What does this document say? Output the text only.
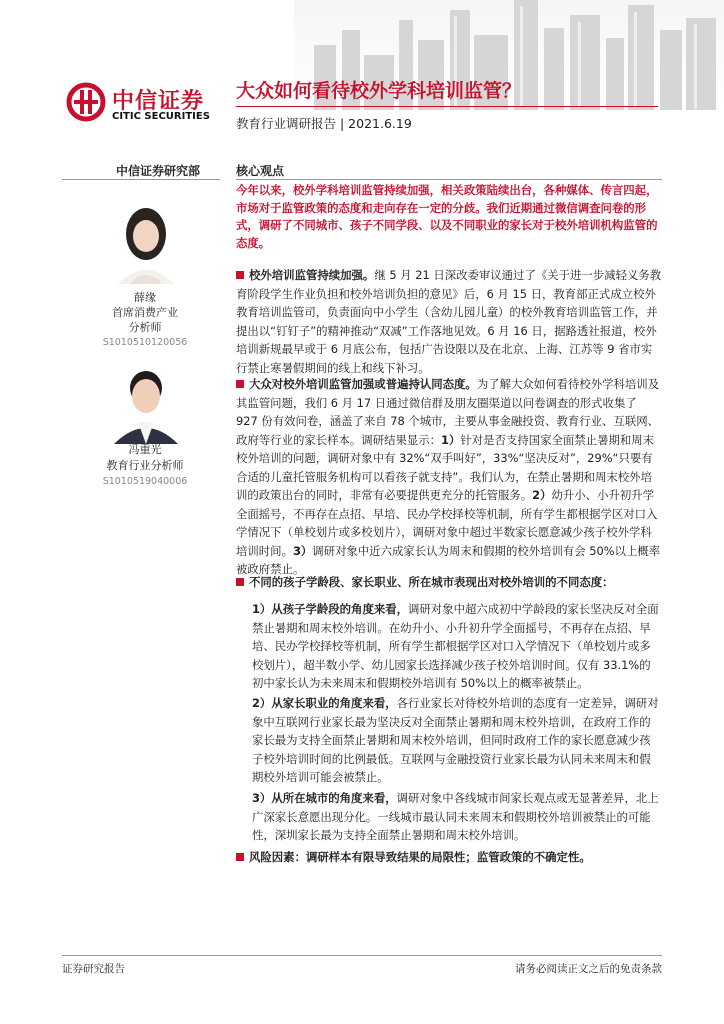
中信证券
CITIC SECURITIES
大众如何看待校外学科培训监管？
教育行业调研报告 | 2021.6.19
中信证券研究部	核心观点
薛缘
首席消费产业
分析师
S1010510120056
冯重光
教育行业分析师
S1010519040006

今年以来，校外学科培训监管持续加强，相关政策陆续出台，各种媒体、传言四起，市场对于监管政策的态度和走向存在一定的分歧。我们近期通过微信调查问卷的形式，调研了不同城市、孩子不同学段、以及不同职业的家长对于校外培训机构监管的态度。

校外培训监管持续加强。继 5 月 21 日深改委审议通过了《关于进一步减轻义务教育阶段学生作业负担和校外培训负担的意见》后，6 月 15 日，教育部正式成立校外教育培训监管司，负责面向中小学生（含幼儿园儿童）的校外教育培训监管工作，并提出以“钉钉子”的精神推动“双减”工作落地见效。6 月 16 日，据路透社报道，校外培训新规最早或于 6 月底公布，包括广告设限以及在北京、上海、江苏等 9 省市实行禁止寒暑假期间的线上和线下补习。

大众对校外培训监管加强或普遍持认同态度。为了解大众如何看待校外学科培训及其监管问题，我们 6 月 17 日通过微信群及朋友圈渠道以问卷调查的形式收集了 927 份有效问卷，涵盖了来自 78 个城市，主要从事金融投资、教育行业、互联网、政府等行业的家长样本。调研结果显示：1）针对是否支持国家全面禁止暑期和周末校外培训的问题，调研对象中有 32%“双手叫好”，33%“坚决反对”，29%“只要有合适的儿童托管服务机构可以看孩子就支持”。我们认为，在禁止暑期和周末校外培训的政策出台的同时，非常有必要提供更充分的托管服务。2）幼升小、小升初升学全面摇号，不再存在点招、早培、民办学校择校等机制，所有学生都根据学区对口入学情况下（单校划片或多校划片），调研对象中超过半数家长愿意减少孩子校外学科培训时间。3）调研对象中近六成家长认为周末和假期的校外培训有会 50%以上概率被政府禁止。

不同的孩子学龄段、家长职业、所在城市表现出对校外培训的不同态度：

1）从孩子学龄段的角度来看，调研对象中超六成初中学龄段的家长坚决反对全面禁止暑期和周末校外培训。在幼升小、小升初升学全面摇号，不再存在点招、早培、民办学校择校等机制，所有学生都根据学区对口入学情况下（单校划片或多校划片），超半数小学、幼儿园家长选择减少孩子校外培训时间。仅有 33.1%的初中家长认为未来周末和假期校外培训有 50%以上的概率被禁止。

2）从家长职业的角度来看，各行业家长对待校外培训的态度有一定差异，调研对象中互联网行业家长最为坚决反对全面禁止暑期和周末校外培训，在政府工作的家长最为支持全面禁止暑期和周末校外培训，但同时政府工作的家长愿意减少孩子校外培训时间的比例最低。互联网与金融投资行业家长最为认同未来周末和假期校外培训可能会被禁止。

3）从所在城市的角度来看，调研对象中各线城市间家长观点或无显著差异，北上广深家长意愿出现分化。一线城市最认同未来周末和假期校外培训被禁止的可能性，深圳家长最为支持全面禁止暑期和周末校外培训。

风险因素：调研样本有限导致结果的局限性；监管政策的不确定性。

证券研究报告	请务必阅读正文之后的免责条款
